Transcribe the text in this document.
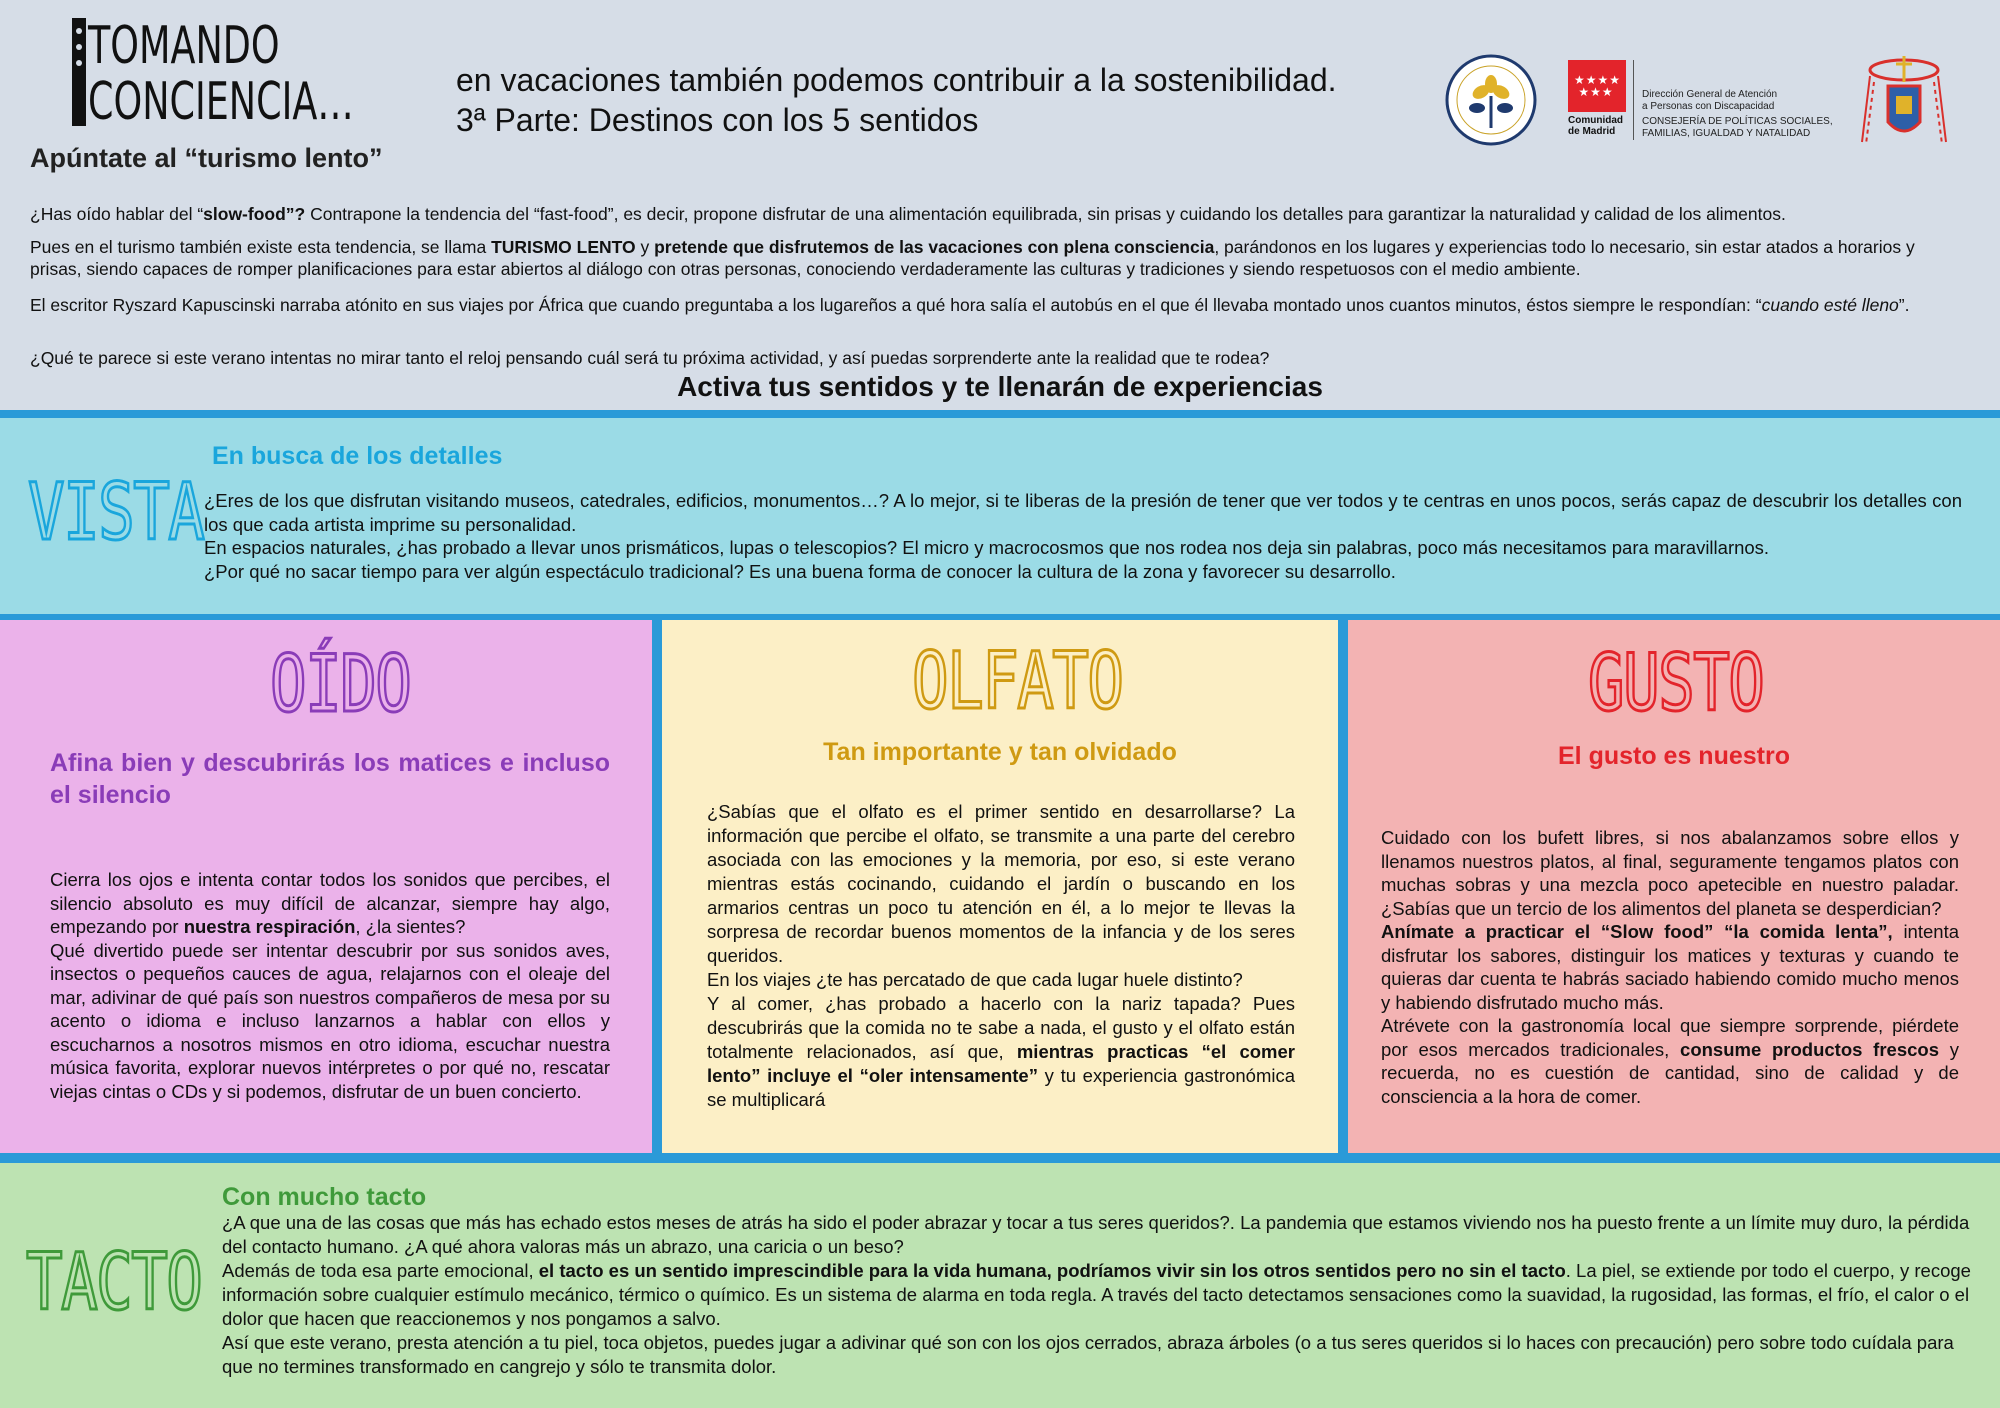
TOMANDO
CONCIENCIA…
Apúntate al “turismo lento”
en vacaciones también podemos contribuir a la sostenibilidad.
3ª Parte: Destinos con los 5 sentidos
★★★★
★★★
Comunidad
de Madrid
Dirección General de Atención
a Personas con Discapacidad
CONSEJERÍA DE POLÍTICAS SOCIALES,
FAMILIAS, IGUALDAD Y NATALIDAD
¿Has oído hablar del “slow-food”? Contrapone la tendencia del “fast-food”, es decir, propone disfrutar de una alimentación equilibrada, sin prisas y cuidando los detalles para garantizar la naturalidad y calidad de los alimentos.
Pues en el turismo también existe esta tendencia, se llama TURISMO LENTO y pretende que disfrutemos de las vacaciones con plena consciencia, parándonos en los lugares y experiencias todo lo necesario, sin estar atados a horarios y prisas, siendo capaces de romper planificaciones para estar abiertos al diálogo con otras personas, conociendo verdaderamente las culturas y tradiciones y siendo respetuosos con el medio ambiente.
El escritor Ryszard Kapuscinski narraba atónito en sus viajes por África que cuando preguntaba a los lugareños a qué hora salía el autobús en el que él llevaba montado unos cuantos minutos, éstos siempre le respondían: “cuando esté lleno”.
¿Qué te parece si este verano intentas no mirar tanto el reloj pensando cuál será tu próxima actividad, y así puedas sorprenderte ante la realidad que te rodea?
Activa tus sentidos y te llenarán de experiencias
VISTA
En busca de los detalles
¿Eres de los que disfrutan visitando museos, catedrales, edificios, monumentos…? A lo mejor, si te liberas de la presión de tener que ver todos y te centras en unos pocos, serás capaz de descubrir los detalles con los que cada artista imprime su personalidad.
En espacios naturales, ¿has probado a llevar unos prismáticos, lupas o telescopios? El micro y macrocosmos que nos rodea nos deja sin palabras, poco más necesitamos para maravillarnos.
¿Por qué no sacar tiempo para ver algún espectáculo tradicional? Es una buena forma de conocer la cultura de la zona y favorecer su desarrollo.
OÍDO
Afina bien y descubrirás los matices e incluso el silencio
Cierra los ojos e intenta contar todos los sonidos que percibes, el silencio absoluto es muy difícil de alcanzar, siempre hay algo, empezando por nuestra respiración, ¿la sientes?
Qué divertido puede ser intentar descubrir por sus sonidos aves, insectos o pequeños cauces de agua, relajarnos con el oleaje del mar, adivinar de qué país son nuestros compañeros de mesa por su acento o idioma e incluso lanzarnos a hablar con ellos y escucharnos a nosotros mismos en otro idioma, escuchar nuestra música favorita, explorar nuevos intérpretes o por qué no, rescatar viejas cintas o CDs y si podemos, disfrutar de un buen concierto.
OLFATO
Tan importante y tan olvidado
¿Sabías que el olfato es el primer sentido en desarrollarse? La información que percibe el olfato, se transmite a una parte del cerebro asociada con las emociones y la memoria, por eso, si este verano mientras estás cocinando, cuidando el jardín o buscando en los armarios centras un poco tu atención en él, a lo mejor te llevas la sorpresa de recordar buenos momentos de la infancia y de los seres queridos.
En los viajes ¿te has percatado de que cada lugar huele distinto?
Y al comer, ¿has probado a hacerlo con la nariz tapada? Pues descubrirás que la comida no te sabe a nada, el gusto y el olfato están totalmente relacionados, así que, mientras practicas “el comer lento” incluye el “oler intensamente” y tu experiencia gastronómica se multiplicará
GUSTO
El gusto es nuestro
Cuidado con los bufett libres, si nos abalanzamos sobre ellos y llenamos nuestros platos, al final, seguramente tengamos platos con muchas sobras y una mezcla poco apetecible en nuestro paladar. ¿Sabías que un tercio de los alimentos del planeta se desperdician?
Anímate a practicar el “Slow food” “la comida lenta”, intenta disfrutar los sabores, distinguir los matices y texturas y cuando te quieras dar cuenta te habrás saciado habiendo comido mucho menos y habiendo disfrutado mucho más.
Atrévete con la gastronomía local que siempre sorprende, piérdete por esos mercados tradicionales, consume productos frescos y recuerda, no es cuestión de cantidad, sino de calidad y de consciencia a la hora de comer.
TACTO
Con mucho tacto
¿A que una de las cosas que más has echado estos meses de atrás ha sido el poder abrazar y tocar a tus seres queridos?. La pandemia que estamos viviendo nos ha puesto frente a un límite muy duro, la pérdida del contacto humano. ¿A qué ahora valoras más un abrazo, una caricia o un beso?
Además de toda esa parte emocional, el tacto es un sentido imprescindible para la vida humana, podríamos vivir sin los otros sentidos pero no sin el tacto. La piel, se extiende por todo el cuerpo, y recoge información sobre cualquier estímulo mecánico, térmico o químico. Es un sistema de alarma en toda regla. A través del tacto detectamos sensaciones como la suavidad, la rugosidad, las formas, el frío, el calor o el dolor que hacen que reaccionemos y nos pongamos a salvo.
Así que este verano, presta atención a tu piel, toca objetos, puedes jugar a adivinar qué son con los ojos cerrados, abraza árboles (o a tus seres queridos si lo haces con precaución) pero sobre todo cuídala para que no termines transformado en cangrejo y sólo te transmita dolor.
